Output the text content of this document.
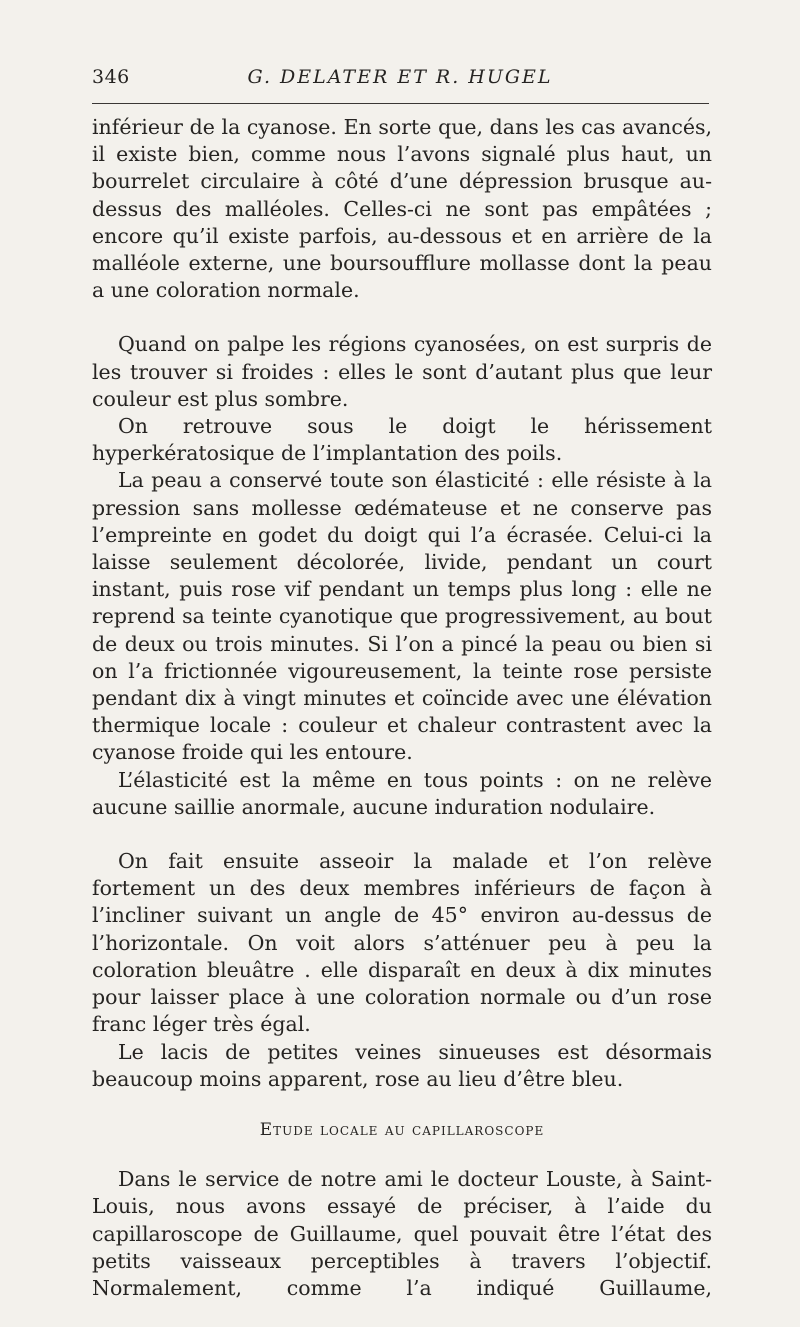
346	G. DELATER ET R. HUGEL

inférieur de la cyanose. En sorte que, dans les cas avancés, il existe bien, comme nous l’avons signalé plus haut, un bourrelet circulaire à côté d’une dépression brusque au-dessus des malléoles. Celles-ci ne sont pas empâtées ; encore qu’il existe parfois, au-dessous et en arrière de la malléole externe, une boursoufflure mollasse dont la peau a une coloration normale.

Quand on palpe les régions cyanosées, on est surpris de les trouver si froides : elles le sont d’autant plus que leur couleur est plus sombre.

On retrouve sous le doigt le hérissement hyperkératosique de l’implantation des poils.

La peau a conservé toute son élasticité : elle résiste à la pression sans mollesse œdémateuse et ne conserve pas l’empreinte en godet du doigt qui l’a écrasée. Celui-ci la laisse seulement décolorée, livide, pendant un court instant, puis rose vif pendant un temps plus long : elle ne reprend sa teinte cyanotique que progressivement, au bout de deux ou trois minutes. Si l’on a pincé la peau ou bien si on l’a frictionnée vigoureusement, la teinte rose persiste pendant dix à vingt minutes et coïncide avec une élévation thermique locale : couleur et chaleur contrastent avec la cyanose froide qui les entoure.

L’élasticité est la même en tous points : on ne relève aucune saillie anormale, aucune induration nodulaire.

On fait ensuite asseoir la malade et l’on relève fortement un des deux membres inférieurs de façon à l’incliner suivant un angle de 45° environ au-dessus de l’horizontale. On voit alors s’atténuer peu à peu la coloration bleuâtre . elle disparaît en deux à dix minutes pour laisser place à une coloration normale ou d’un rose franc léger très égal.

Le lacis de petites veines sinueuses est désormais beaucoup moins apparent, rose au lieu d’être bleu.

Etude locale au capillaroscope

Dans le service de notre ami le docteur Louste, à Saint-Louis, nous avons essayé de préciser, à l’aide du capillaroscope de Guillaume, quel pouvait être l’état des petits vaisseaux perceptibles à travers l’objectif. Normalement, comme l’a indiqué Guillaume,
